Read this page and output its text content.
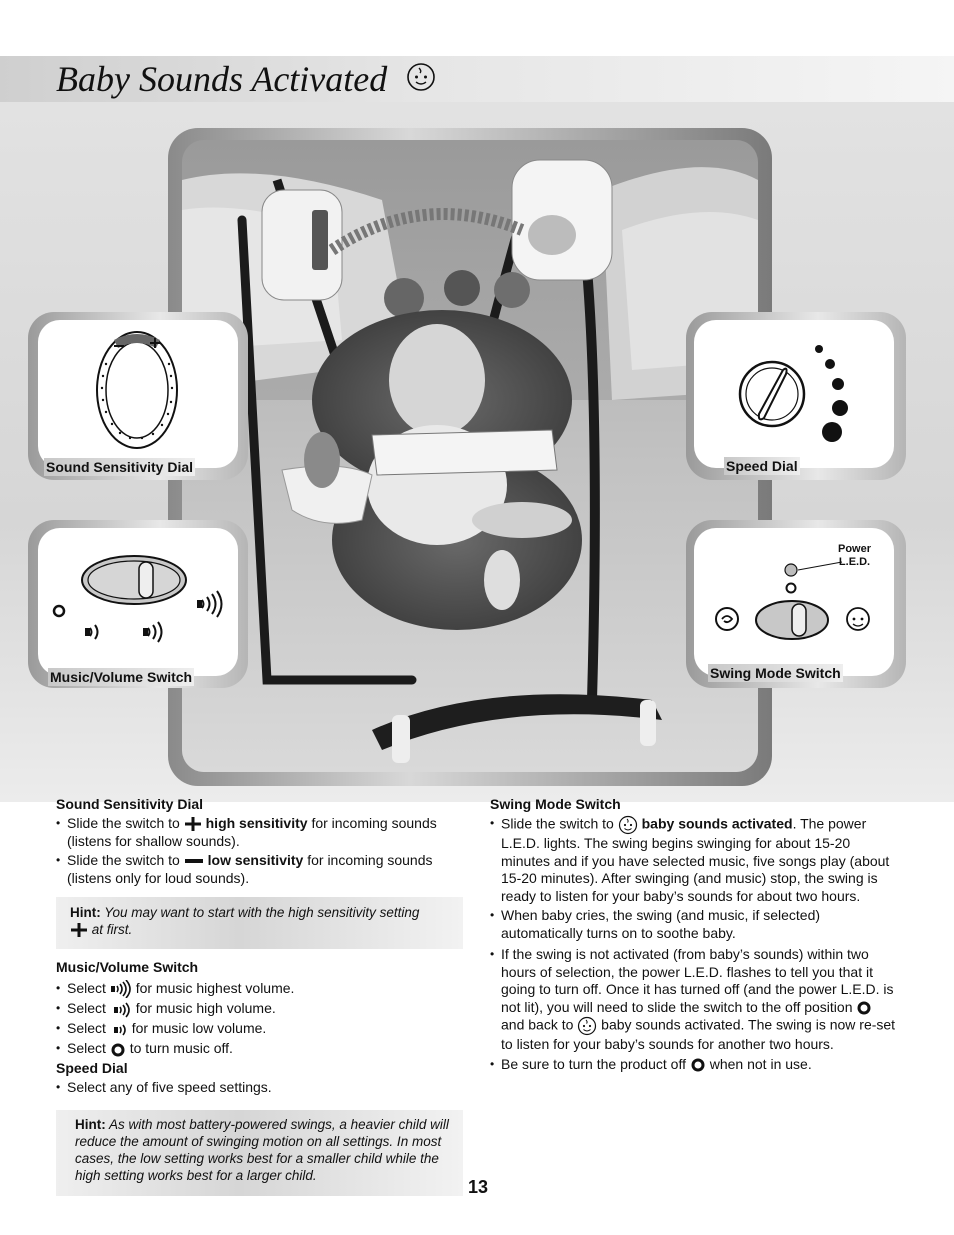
Baby Sounds Activated
Sound Sensitivity Dial	Speed Dial
Music/Volume Switch
Power
L.E.D.
Swing Mode Switch
Sound Sensitivity Dial
• Slide the switch to high sensitivity for incoming sounds (listens for shallow sounds).
• Slide the switch to low sensitivity for incoming sounds (listens only for loud sounds).
Hint: You may want to start with the high sensitivity setting
at first.
Music/Volume Switch
• Select for music highest volume.
• Select for music high volume.
• Select for music low volume.
• Select to turn music off.
Speed Dial
• Select any of five speed settings.
Hint: As with most battery-powered swings, a heavier child will reduce the amount of swinging motion on all settings. In most cases, the low setting works best for a smaller child while the high setting works best for a larger child.
Swing Mode Switch
• Slide the switch to baby sounds activated. The power L.E.D. lights. The swing begins swinging for about 15-20 minutes and if you have selected music, five songs play (about 15-20 minutes). After swinging (and music) stop, the swing is ready to listen for your baby’s sounds for about two hours.
• When baby cries, the swing (and music, if selected) automatically turns on to soothe baby.
• If the swing is not activated (from baby’s sounds) within two hours of selection, the power L.E.D. flashes to tell you that it going to turn off. Once it has turned off (and the power L.E.D. is not lit), you will need to slide the switch to the off position  and back to baby sounds activated. The swing is now re-set to listen for your baby’s sounds for another two hours.
• Be sure to turn the product off when not in use.
13
